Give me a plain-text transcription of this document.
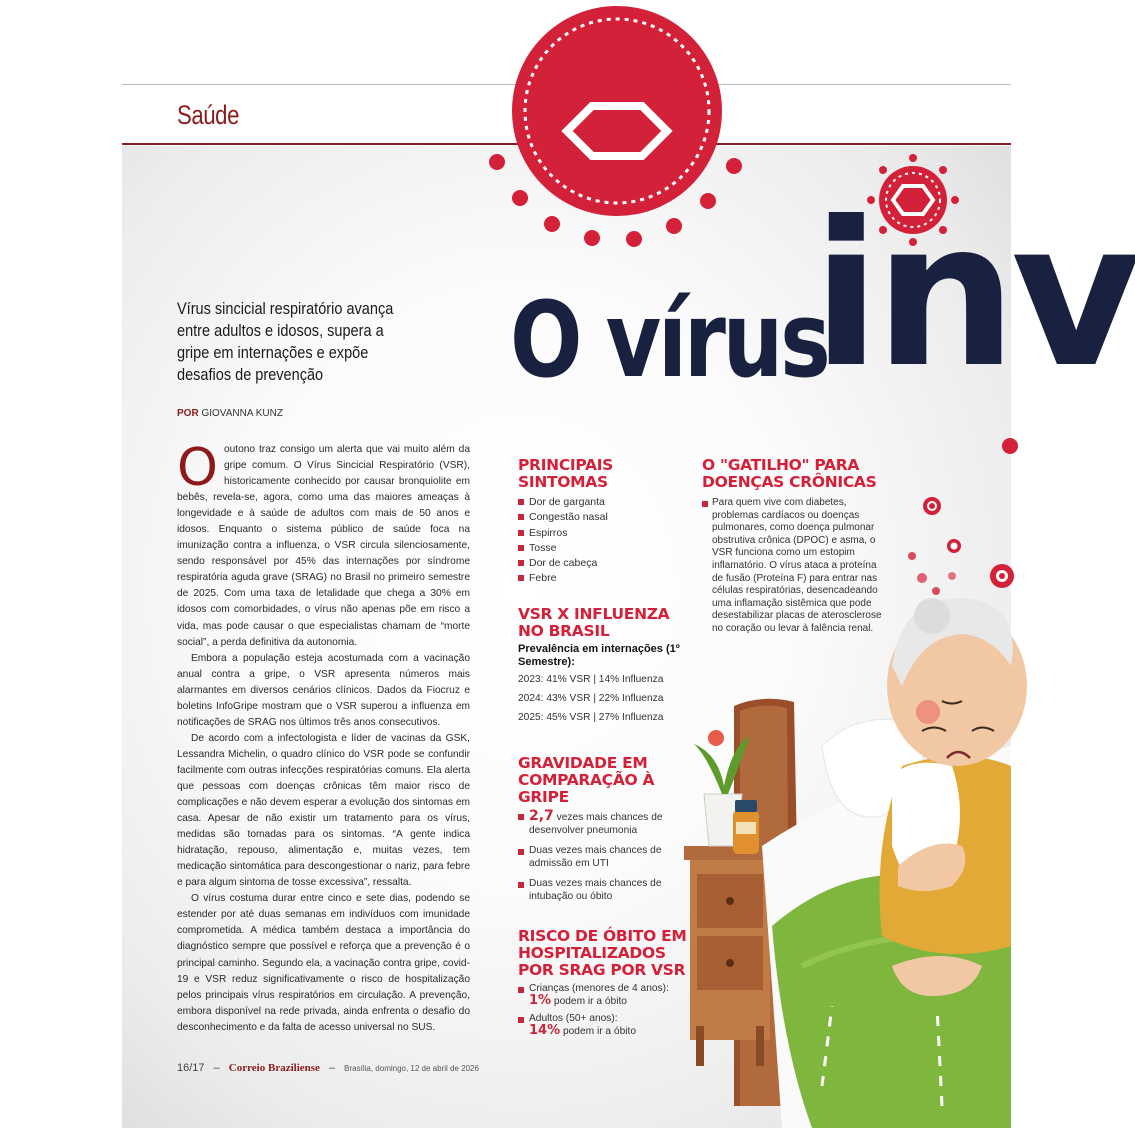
Saúde
Vírus sincicial respiratório avança entre adultos e idosos, supera a gripe em internações e expõe desafios de prevenção
POR GIOVANNA KUNZ

Ooutono traz consigo um alerta que vai muito além da gripe comum. O Vírus Sincicial Respiratório (VSR), historicamente conhecido por causar bronquiolite em bebês, revela-se, agora, como uma das maiores ameaças à longevidade e à saúde de adultos com mais de 50 anos e idosos. Enquanto o sistema público de saúde foca na imunização contra a influenza, o VSR circula silenciosamente, sendo responsável por 45% das internações por síndrome respiratória aguda grave (SRAG) no Brasil no primeiro semestre de 2025. Com uma taxa de letalidade que chega a 30% em idosos com comorbidades, o vírus não apenas põe em risco a vida, mas pode causar o que especialistas chamam de “morte social”, a perda definitiva da autonomia.

Embora a população esteja acostumada com a vacinação anual contra a gripe, o VSR apresenta números mais alarmantes em diversos cenários clínicos. Dados da Fiocruz e boletins InfoGripe mostram que o VSR superou a influenza em notificações de SRAG nos últimos três anos consecutivos.

De acordo com a infectologista e líder de vacinas da GSK, Lessandra Michelin, o quadro clínico do VSR pode se confundir facilmente com outras infecções respiratórias comuns. Ela alerta que pessoas com doenças crônicas têm maior risco de complicações e não devem esperar a evolução dos sintomas em casa. Apesar de não existir um tratamento para os vírus, medidas são tomadas para os sintomas. “A gente indica hidratação, repouso, alimentação e, muitas vezes, tem medicação sintomática para descongestionar o nariz, para febre e para algum sintoma de tosse excessiva”, ressalta.

O vírus costuma durar entre cinco e sete dias, podendo se estender por até duas semanas em indivíduos com imunidade comprometida. A médica também destaca a importância do diagnóstico sempre que possível e reforça que a prevenção é o principal caminho. Segundo ela, a vacinação contra gripe, covid-19 e VSR reduz significativamente o risco de hospitalização pelos principais vírus respiratórios em circulação. A prevenção, embora disponível na rede privada, ainda enfrenta o desafio do desconhecimento e da falta de acesso universal no SUS.

16/17 – Correio Braziliense – Brasília, domingo, 12 de abril de 2026
O vírus
inv
PRINCIPAIS SINTOMAS
Dor de garganta
Congestão nasal
Espirros
Tosse
Dor de cabeça
Febre
VSR X INFLUENZA NO BRASIL
Prevalência em internações (1º Semestre):
2023: 41% VSR | 14% Influenza
2024: 43% VSR | 22% Influenza
2025: 45% VSR | 27% Influenza
GRAVIDADE EM COMPARAÇÃO À GRIPE
2,7 vezes mais chances de desenvolver pneumonia
Duas vezes mais chances de admissão em UTI
Duas vezes mais chances de intubação ou óbito
RISCO DE ÓBITO EM HOSPITALIZADOS POR SRAG POR VSR
Crianças (menores de 4 anos):
1% podem ir a óbito
Adultos (50+ anos):
14% podem ir a óbito
O "GATILHO" PARA DOENÇAS CRÔNICAS
Para quem vive com diabetes, problemas cardíacos ou doenças pulmonares, como doença pulmonar obstrutiva crônica (DPOC) e asma, o VSR funciona como um estopim inflamatório. O vírus ataca a proteína de fusão (Proteína F) para entrar nas células respiratórias, desencadeando uma inflamação sistêmica que pode desestabilizar placas de aterosclerose no coração ou levar à falência renal.
